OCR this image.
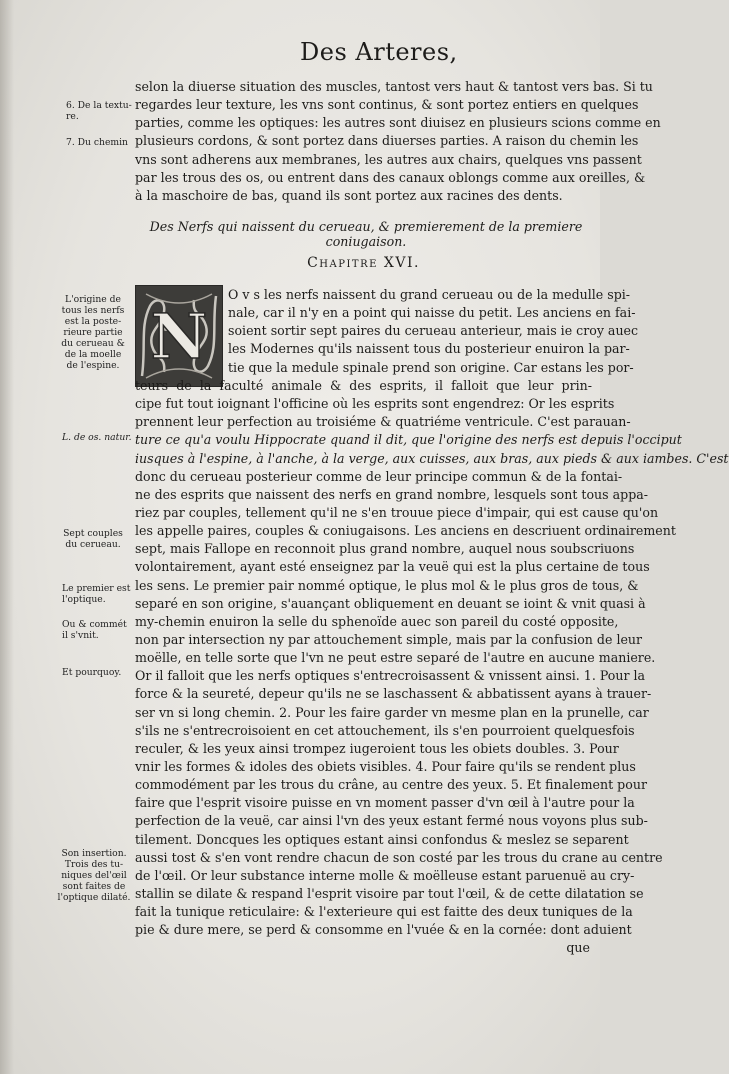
Des Arteres,
6. De la textu-
re.
7. Du chemin
L'origine de
tous les nerfs
est la poste-
rieure partie
du cerueau &
de la moelle
de l'espine.
L. de os. natur.
Sept couples
du cerueau.
Le premier est
l'optique.
Ou & commét
il s'vnit.
Et pourquoy.
Son insertion.
Trois des tu-
niques del'œil
sont faites de
l'optique dilaté.
selon la diuerse situation des muscles, tantost vers haut & tantost vers bas. Si tu
regardes leur texture, les vns sont continus, & sont portez entiers en quelques
parties, comme les optiques: les autres sont diuisez en plusieurs scions comme en
plusieurs cordons, & sont portez dans diuerses parties. A raison du chemin les
vns sont adherens aux membranes, les autres aux chairs, quelques vns passent
par les trous des os, ou entrent dans des canaux oblongs comme aux oreilles, &
à la maschoire de bas, quand ils sont portez aux racines des dents.
Des Nerfs qui naissent du cerueau, & premierement de la premiere coniugaison.
Chapitre XVI.
N
O v s les nerfs naissent du grand cerueau ou de la medulle spi-
nale, car il n'y en a point qui naisse du petit. Les anciens en fai-
soient sortir sept paires du cerueau anterieur, mais ie croy auec
les Modernes qu'ils naissent tous du posterieur enuiron la par-
tie que la medule spinale prend son origine. Car estans les por-
teurs de la faculté animale & des esprits, il falloit que leur prin-
cipe fut tout ioignant l'officine où les esprits sont engendrez: Or les esprits
prennent leur perfection au troisiéme & quatriéme ventricule. C'est parauan-
ture ce qu'a voulu Hippocrate quand il dit, que l'origine des nerfs est depuis l'occiput
iusques à l'espine, à l'anche, à la verge, aux cuisses, aux bras, aux pieds & aux iambes. C'est
donc du cerueau posterieur comme de leur principe commun & de la fontai-
ne des esprits que naissent des nerfs en grand nombre, lesquels sont tous appa-
riez par couples, tellement qu'il ne s'en trouue piece d'impair, qui est cause qu'on
les appelle paires, couples & coniugaisons. Les anciens en descriuent ordinairement
sept, mais Fallope en reconnoit plus grand nombre, auquel nous soubscriuons
volontairement, ayant esté enseignez par la veuë qui est la plus certaine de tous
les sens. Le premier pair nommé optique, le plus mol & le plus gros de tous, &
separé en son origine, s'auançant obliquement en deuant se ioint & vnit quasi à
my-chemin enuiron la selle du sphenoïde auec son pareil du costé opposite,
non par intersection ny par attouchement simple, mais par la confusion de leur
moëlle, en telle sorte que l'vn ne peut estre separé de l'autre en aucune maniere.
Or il falloit que les nerfs optiques s'entrecroisassent & vnissent ainsi. 1. Pour la
force & la seureté, depeur qu'ils ne se laschassent & abbatissent ayans à trauer-
ser vn si long chemin. 2. Pour les faire garder vn mesme plan en la prunelle, car
s'ils ne s'entrecroisoient en cet attouchement, ils s'en pourroient quelquesfois
reculer, & les yeux ainsi trompez iugeroient tous les obiets doubles. 3. Pour
vnir les formes & idoles des obiets visibles. 4. Pour faire qu'ils se rendent plus
commodément par les trous du crâne, au centre des yeux. 5. Et finalement pour
faire que l'esprit visoire puisse en vn moment passer d'vn œil à l'autre pour la
perfection de la veuë, car ainsi l'vn des yeux estant fermé nous voyons plus sub-
tilement. Doncques les optiques estant ainsi confondus & meslez se separent
aussi tost & s'en vont rendre chacun de son costé par les trous du crane au centre
de l'œil. Or leur substance interne molle & moëlleuse estant paruenuë au cry-
stallin se dilate & respand l'esprit visoire par tout l'œil, & de cette dilatation se
fait la tunique reticulaire: & l'exterieure qui est faitte des deux tuniques de la
pie & dure mere, se perd & consomme en l'vuée & en la cornée: dont aduient
que
